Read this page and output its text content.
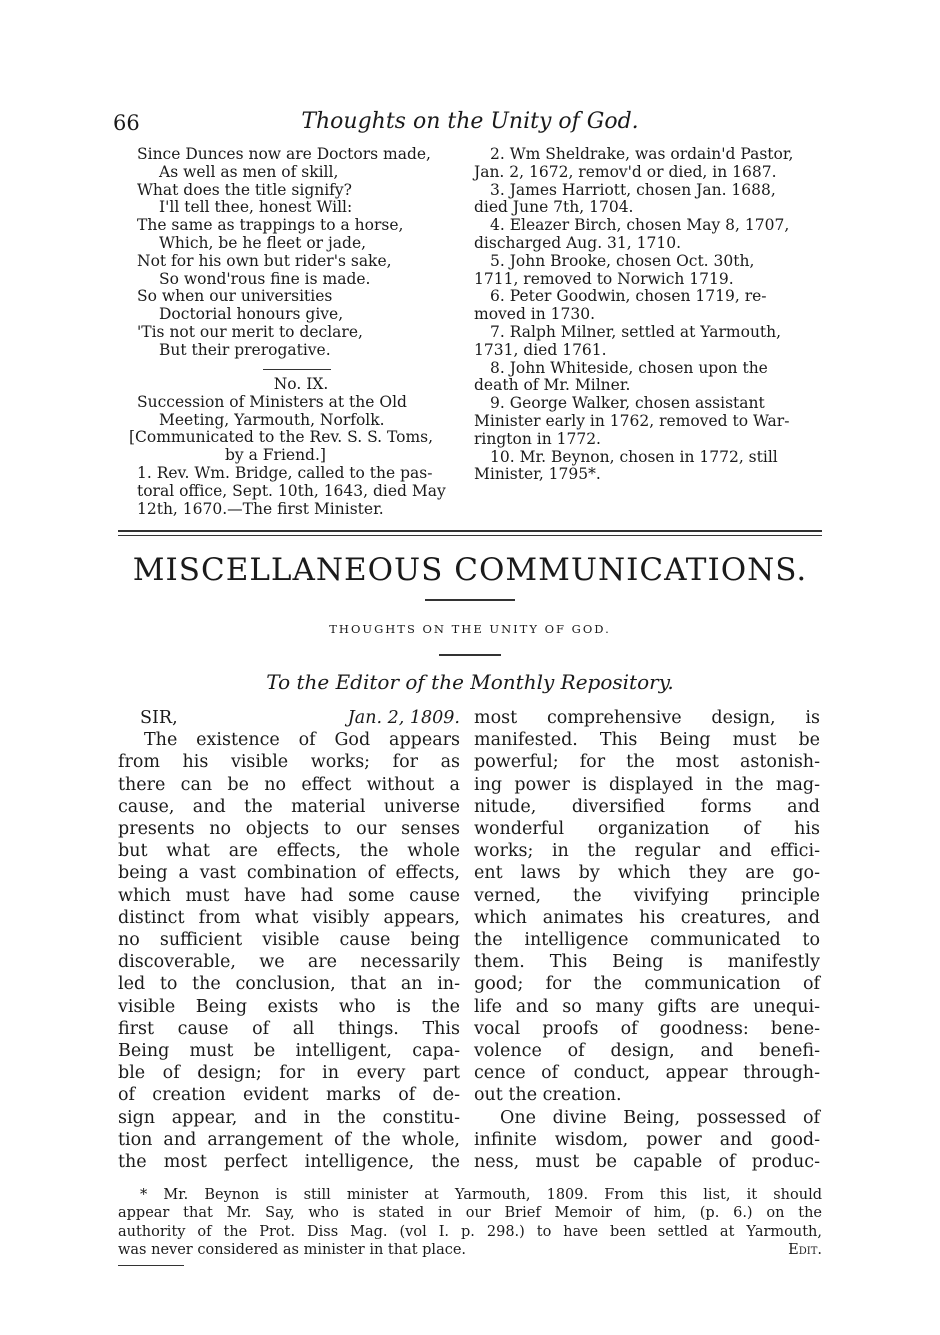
66	Thoughts on the Unity of God.
Since Dunces now are Doctors made,
As well as men of skill,
What does the title signify?
I'll tell thee, honest Will:
The same as trappings to a horse,
Which, be he fleet or jade,
Not for his own but rider's sake,
So wond'rous fine is made.
So when our universities
Doctorial honours give,
'Tis not our merit to declare,
But their prerogative.
No. IX.
Succession of Ministers at the Old
Meeting, Yarmouth, Norfolk.
[Communicated to the Rev. S. S. Toms,
by a Friend.]
1. Rev. Wm. Bridge, called to the pas-
toral office, Sept. 10th, 1643, died May
12th, 1670.—The first Minister.
2. Wm Sheldrake, was ordain'd Pastor,
Jan. 2, 1672, remov'd or died, in 1687.
3. James Harriott, chosen Jan. 1688,
died June 7th, 1704.
4. Eleazer Birch, chosen May 8, 1707,
discharged Aug. 31, 1710.
5. John Brooke, chosen Oct. 30th,
1711, removed to Norwich 1719.
6. Peter Goodwin, chosen 1719, re-
moved in 1730.
7. Ralph Milner, settled at Yarmouth,
1731, died 1761.
8. John Whiteside, chosen upon the
death of Mr. Milner.
9. George Walker, chosen assistant
Minister early in 1762, removed to War-
rington in 1772.
10. Mr. Beynon, chosen in 1772, still
Minister, 1795*.
MISCELLANEOUS COMMUNICATIONS.
THOUGHTS ON THE UNITY OF GOD.
To the Editor of the Monthly Repository.
SIR,	Jan. 2, 1809.
The existence of God appears
from his visible works; for as
there can be no effect without a
cause, and the material universe
presents no objects to our senses
but what are effects, the whole
being a vast combination of effects,
which must have had some cause
distinct from what visibly appears,
no sufficient visible cause being
discoverable, we are necessarily
led to the conclusion, that an in-
visible Being exists who is the
first cause of all things. This
Being must be intelligent, capa-
ble of design; for in every part
of creation evident marks of de-
sign appear, and in the constitu-
tion and arrangement of the whole,
the most perfect intelligence, the
most comprehensive design, is
manifested. This Being must be
powerful; for the most astonish-
ing power is displayed in the mag-
nitude, diversified forms and
wonderful organization of his
works; in the regular and effici-
ent laws by which they are go-
verned, the vivifying principle
which animates his creatures, and
the intelligence communicated to
them. This Being is manifestly
good; for the communication of
life and so many gifts are unequi-
vocal proofs of goodness: bene-
volence of design, and benefi-
cence of conduct, appear through-
out the creation.
One divine Being, possessed of
infinite wisdom, power and good-
ness, must be capable of produc-
* Mr. Beynon is still minister at Yarmouth, 1809. From this list, it should
appear that Mr. Say, who is stated in our Brief Memoir of him, (p. 6.) on the
authority of the Prot. Diss Mag. (vol I. p. 298.) to have been settled at Yarmouth,
was never considered as minister in that place.	Edit.
